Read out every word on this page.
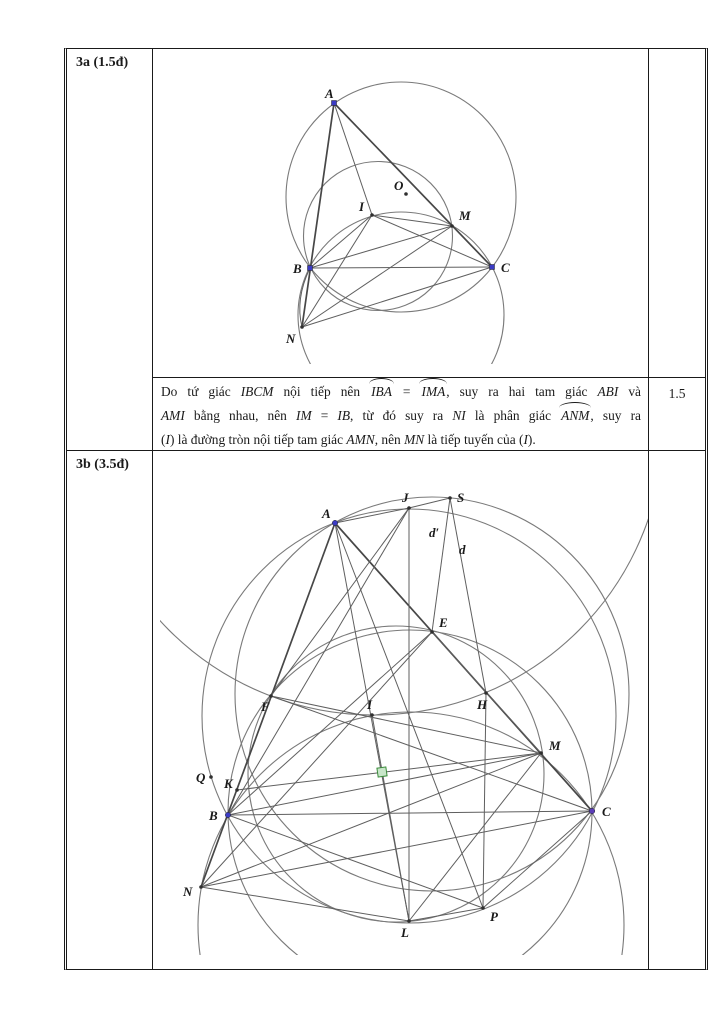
3a (1.5đ)
A
O
I
M
B	C
N
Do tứ giác IBCM nội tiếp nên IBA = IMA, suy ra hai tam giác ABI và
AMI bằng nhau, nên IM = IB, từ đó suy ra NI là phân giác ANM, suy ra
(I) là đường tròn nội tiếp tam giác AMN, nên MN là tiếp tuyến của (I).
1.5
3b (3.5đ)
d′
d
A
J	S
E
F	I	H
Q K
B
M
C
N
L
P
